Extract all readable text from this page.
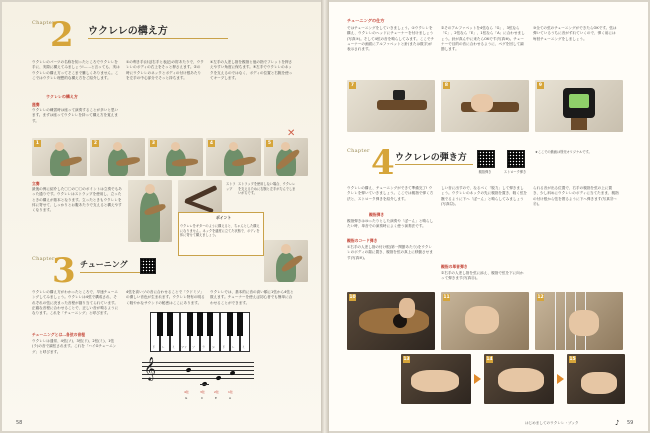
Chapter
2 ウクレレの構え方
ウクレレのパーツの名称を知ったところでウクレレを手に、実際に構えてみましょう!……と言っても、実はウクレレの構え方ってそこまで難しくありません。ここではウクレレ理想的な構え方をご紹介します。
ウクレレの構え方
座奏
ウクレレの練習時は座って演奏することが多いと思います。まずは座ってウクレレを持って構え方を覚えます。
①の利き手(ほぼ右手と表記)の肘あたりで、ウクレレのボディの右上をそっと押さえます。②の時にウクレレのネックとボディの付け根あたりを左手の中心部分でそっと持ちます。
④左手の人差し指を親指と他の指でフレットを押さえやすい角度に保ちます。⑤左手でウクレレのネックを支えるのではなく、ボディの位置と右腕を使ってキープします。
1	2	3	4	5
✕
立奏
最後の例に紹介した〇〇の〇〇のポイントは立奏でもあった通りです。ウクレレはストラップを使用し、立ったときの構えが基本となります。立ったときもウクレレを体に寄せて、しっかりとお腹あたりで支えると構えやすくなります。
ストラップ
ストラップを使用しない場合、ウクレレを支えるために右腕と左手が力んでしまいがちです。
ポイント
ウクレレをギターのように構えると、ちゃんとした構えになりません。ネックを適度に立てた状態で、ボディを体に寄せて構えましょう。
Chapter
3 チューニング
ウクレレの構え方がわかったところで、早速チューニングしてみましょう。ウクレレは4弦で構成され、それぞれの弦に決まった音程が割り当てられています。正確な音程に合わせることで、正しい音が鳴るようになります。これを「チューニング」と呼びます。
チューニングとは…各弦の音程
ウクレレは通常、4弦(ソ)、3弦(ド)、2弦(ミ)、1弦(ラ)の音で調弦されます。これを「ハイGチューニング」と呼びます。
4弦を高いソの音に合わせることで「ラドミソ」の優しい音色が生まれます。ウクレレ特有の明るく軽やかなサウンドの秘密はここにあります。
ウクレレでは、基本的に音の高い順に1弦から4弦と数えます。チューナーを使えば初心者でも簡単に合わせることができます。
ド レ ミ ファ ソ ラ シ ド レ ミ
𝄞
4弦	3弦	2弦	1弦
G	C	E	A
58
チューニングの仕方
ではチューニングをしていきましょう。①ウクレレを構え、ウクレレのヘッドにチューナーを付けましょう(写真⑦)。そして4弦の音を鳴らしてみます。ここでチューナーの画面にアルファベットと針(または数字)が表示されます。
②そのアルファベットを4弦なら「G」、3弦なら「C」、2弦なら「E」、1弦なら「A」に合わせましょう。針が真ん中に来たらOKです(写真⑧)。チューナーで目的の音に合わせるように、ペグを回して調節します。
③全ての弦のチューニングができたらOKです。弦は弾いているうちに音がずれていくので、弾く前には毎回チューニングをしましょう。
7	8	9
Chapter 4 ウクレレの弾き方
親指弾き	ストローク弾き
★ここでの動画は別売オリジナルです。
ウクレレの構え、チューニングができて準備完了! ウクレレを弾いていきましょう。ここでは親指で弾く方法と、ストローク弾きを紹介します。
親指弾き
親指弾きはゆったりとした演奏や「ぽーん」と鳴らしたい時、単音での演奏時によく使う演奏法です。
親指のコード弾き
①右手の人差し指の付け根(第一関節あたり)をウクレレのボディの端に置き、親指を弦の真上に移動させます(写真⑩)。
親指の単音弾き
②右手の人差し指を弦に添え、親指で弦を下に向かって弾きます(写真⑪)。
しい音に出すので、なるべく「脱力」して弾きましょう。ウクレレのネックの先に親指を置き、軽く弦を撫でるように下へ「ぽーん」と鳴らしてみましょう(写真⑫)。
られる音が出る位置で、右手の親指を弦の上に置き、少し斜めにウクレレのボディに当てたまま、親指の付け根から弦を擦るように下へ弾きます(写真⑬〜⑮)。
10	11	12
13	14	15
はじめましてのウクレレ・ブック	♪ 59
